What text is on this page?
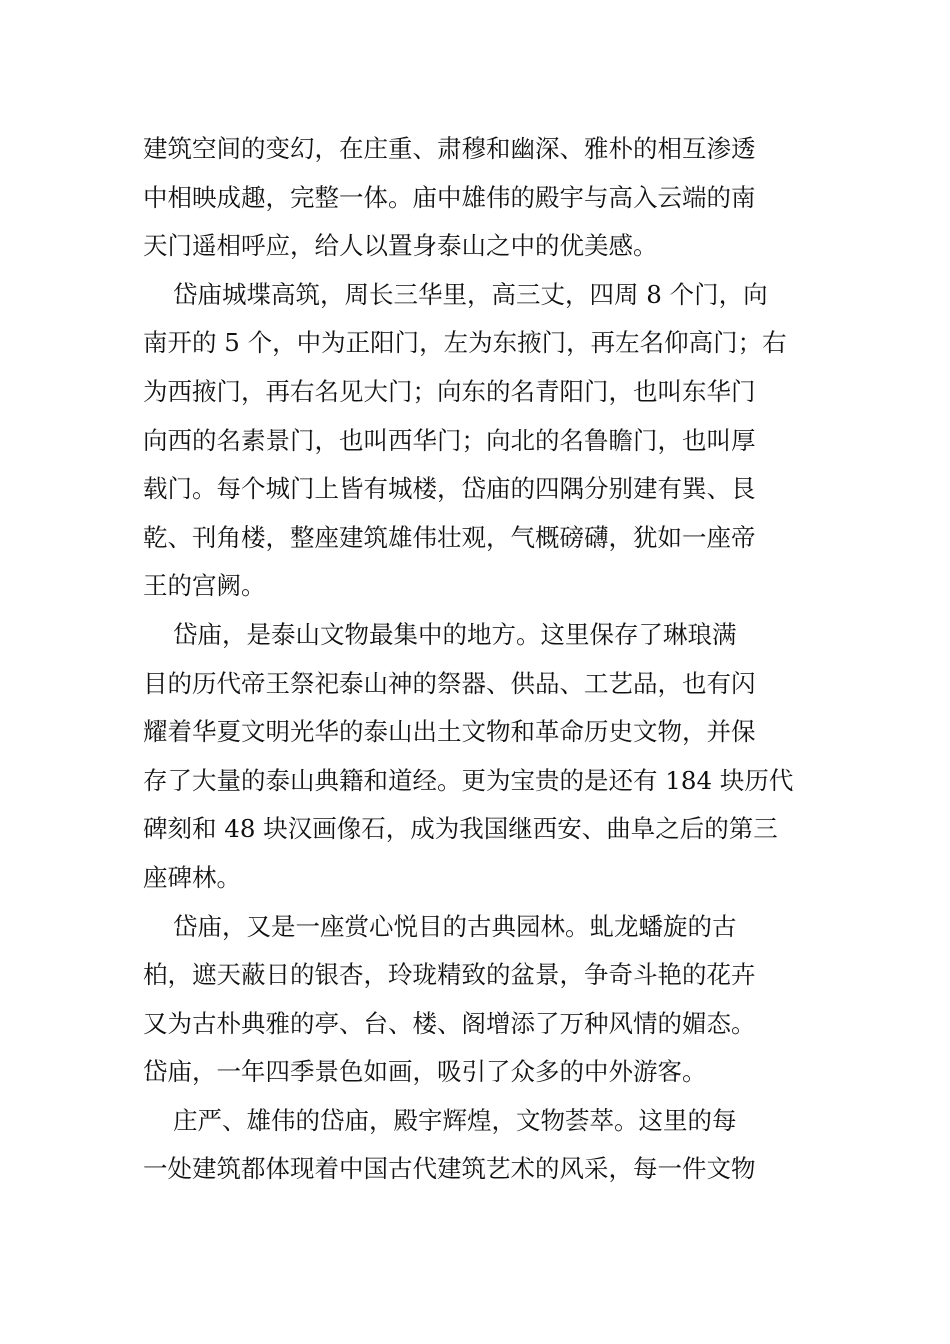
建筑空间的变幻，在庄重、肃穆和幽深、雅朴的相互渗透
中相映成趣，完整一体。庙中雄伟的殿宇与高入云端的南
天门遥相呼应，给人以置身泰山之中的优美感。
岱庙城堞高筑，周长三华里，高三丈，四周 8 个门，向
南开的 5 个，中为正阳门，左为东掖门，再左名仰高门；右
为西掖门，再右名见大门；向东的名青阳门，也叫东华门
向西的名素景门，也叫西华门；向北的名鲁瞻门，也叫厚
载门。每个城门上皆有城楼，岱庙的四隅分别建有巽、艮
乾、刊角楼，整座建筑雄伟壮观，气概磅礴，犹如一座帝
王的宫阙。
岱庙，是泰山文物最集中的地方。这里保存了琳琅满
目的历代帝王祭祀泰山神的祭器、供品、工艺品，也有闪
耀着华夏文明光华的泰山出土文物和革命历史文物，并保
存了大量的泰山典籍和道经。更为宝贵的是还有 184 块历代
碑刻和 48 块汉画像石，成为我国继西安、曲阜之后的第三
座碑林。
岱庙，又是一座赏心悦目的古典园林。虬龙蟠旋的古
柏，遮天蔽日的银杏，玲珑精致的盆景，争奇斗艳的花卉
又为古朴典雅的亭、台、楼、阁增添了万种风情的媚态。
岱庙，一年四季景色如画，吸引了众多的中外游客。
庄严、雄伟的岱庙，殿宇辉煌，文物荟萃。这里的每
一处建筑都体现着中国古代建筑艺术的风采，每一件文物
